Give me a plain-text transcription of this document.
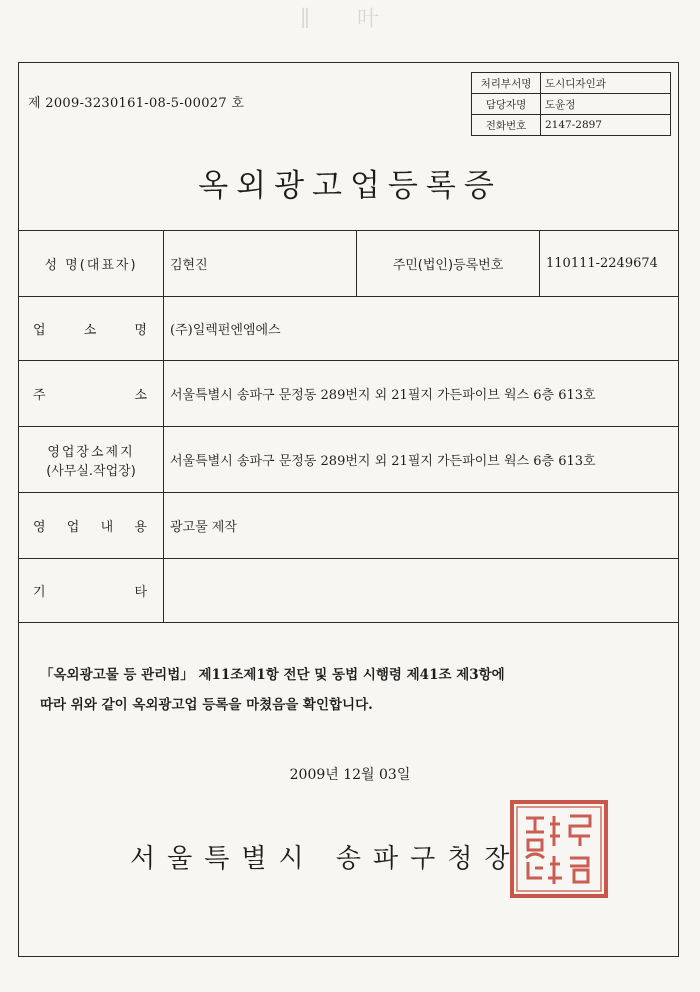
∥ 叶
제 2009-3230161-08-5-00027 호
처리부서명	도시디자인과
담당자명	도윤정
전화번호	2147-2897
옥외광고업등록증
성 명(대표자)	김현진	주민(법인)등록번호	110111-2249674
업 소 명	(주)일렉펀엔엠에스		
주 소	서울특별시 송파구 문정동 289번지 외 21필지 가든파이브 웍스 6층 613호		
영업장소제지
(사무실.작업장)	서울특별시 송파구 문정동 289번지 외 21필지 가든파이브 웍스 6층 613호		
영 업 내 용	광고물 제작		
기 타			
「옥외광고물 등 관리법」 제11조제1항 전단 및 동법 시행령 제41조 제3항에
따라 위와 같이 옥외광고업 등록을 마쳤음을 확인합니다.
2009년 12월 03일
서울특별시 송파구청장
